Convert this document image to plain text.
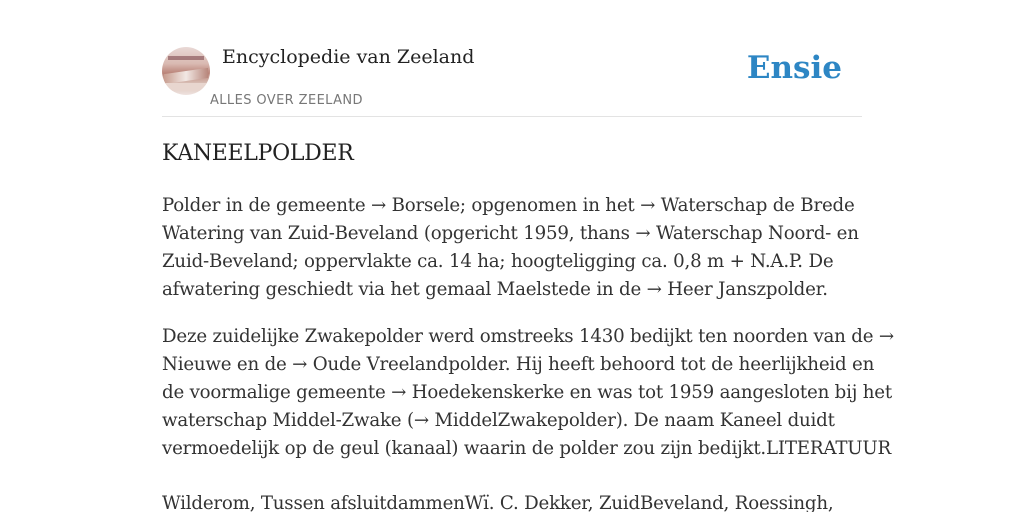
Encyclopedie van Zeeland
ALLES OVER ZEELAND
Ensie
KANEELPOLDER
Polder in de gemeente → Borsele; opgenomen in het → Waterschap de Brede
Watering van Zuid-Beveland (opgericht 1959, thans → Waterschap Noord- en
Zuid-Beveland; oppervlakte ca. 14 ha; hoogteligging ca. 0,8 m + N.A.P. De
afwatering geschiedt via het gemaal Maelstede in de → Heer Janszpolder.
Deze zuidelijke Zwakepolder werd omstreeks 1430 bedijkt ten noorden van de →
Nieuwe en de → Oude Vreelandpolder. Hij heeft behoord tot de heerlijkheid en
de voormalige gemeente → Hoedekenskerke en was tot 1959 aangesloten bij het
waterschap Middel-Zwake (→ MiddelZwakepolder). De naam Kaneel duidt
vermoedelijk op de geul (kanaal) waarin de polder zou zijn bedijkt.LITERATUUR
Wilderom, Tussen afsluitdammenWï. C. Dekker, ZuidBeveland, Roessingh,
